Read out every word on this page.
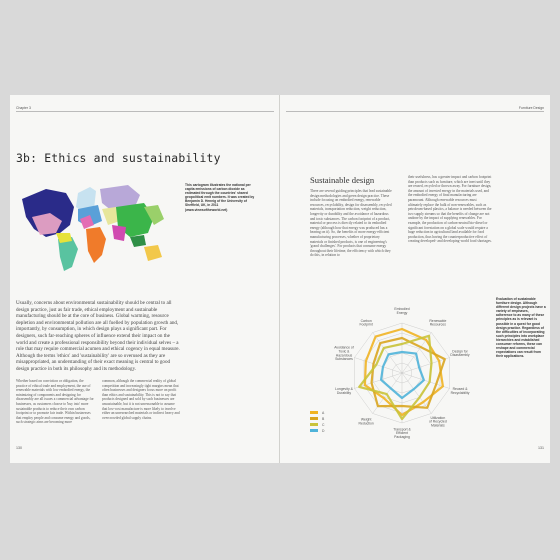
Chapter 3
3b: Ethics and sustainability
This cartogram illustrates the national per capita emissions of carbon dioxide as estimated through the countries' shared geopolitical emit numbers. It was created by Benjamin D. Hennig of the University of Sheffield, UK, in 2011 (www.viewsoftheworld.net)

Usually, concerns about environmental sustainability should be central to all design practice, just as fair trade, ethical employment and sustainable manufacturing should be at the core of business. Global warming, resource depletion and environmental pollution are all fuelled by population growth and, importantly, by consumption, in which design plays a significant part. For designers, such far-reaching spheres of influence extend their impact on the world and create a professional responsibility beyond their individual selves – a role that may require commercial acumen and ethical cogency in equal measure. Although the terms 'ethics' and 'sustainability' are so overused as they are misappropriated, an understanding of their exact meaning is central to good design practice in both its philosophy and its methodology.

Whether based on conviction or obligation, the practice of ethical trade and employment, the use of renewable materials with low embodied energy, the minimizing of components and designing for disassembly are all issues a commercial advantage for businesses, as customers choose to 'buy into' more sustainable products to reduce their own carbon footprint or to promote fair trade. Within businesses that employ people and consume energy and goods, such strategic aims are becoming more

common, although the commercial reality of global competition and increasingly tight margins mean that often businesses and designers focus more on profit than ethics and sustainability. This is not to say that products designed and sold by such businesses are unsustainable, but it is not unreasonable to assume that low-cost manufacture is more likely to involve either an unresearched materials or indirect heavy and overcrowded global supply chains.

130
Furniture Design
Sustainable design

There are several guiding principles that lead sustainable design methodologies and green design practice. These include focusing on embodied energy, renewable resources, recyclability, design for disassembly, recycled materials, transportation reduction, weight reduction, longevity or durability and the avoidance of hazardous and toxic substances. The carbon footprint of a product, material or process is directly related to its embodied energy (although how that energy was produced has a bearing on it). So, the benefits of more energy-efficient manufacturing processes, whether of proprietary materials or finished products, is one of engineering's 'grand challenges'. For products that consume energy throughout their lifetime, the efficiency with which they do this, in relation to

their usefulness, has a greater impact and carbon footprint than products such as furniture, which are inert until they are reused, recycled or thrown away. For furniture design, the amount of invested energy in the materials used, and the embodied energy of final manufacturing are paramount. Although renewable resources must ultimately replace the bulk of non-renewables, such as petroleum-based plastics, a balance is needed between the two supply streams so that the benefits of change are not undone by the impact of supplying renewables. For example, the production of carbon-neutral bio-diesel or significant forestation on a global scale would require a huge reduction in agricultural land available for food production, thus having the counterproductive effect of creating developed- and developing-world food shortages.

Embodied Energy
Renewable Resources
Design for Disassembly
Reused & Recyclability
Utilization of Recycled Materials
Transport & Efficient Packaging
Weight Reduction
Longevity & Durability
Avoidance of Toxic & Hazardous Substances
Carbon Footprint
A
B
C
D
Evaluation of sustainable furniture design. Although different design projects have a variety of emphases, adherence to as many of these principles as is relevant is possible in a quest for good design practice. Regardless of the difficulties of incorporating such principles into workplace hierarchies and established consumer reforms, these can reshape and commercial expectations can result from their applications.
131
